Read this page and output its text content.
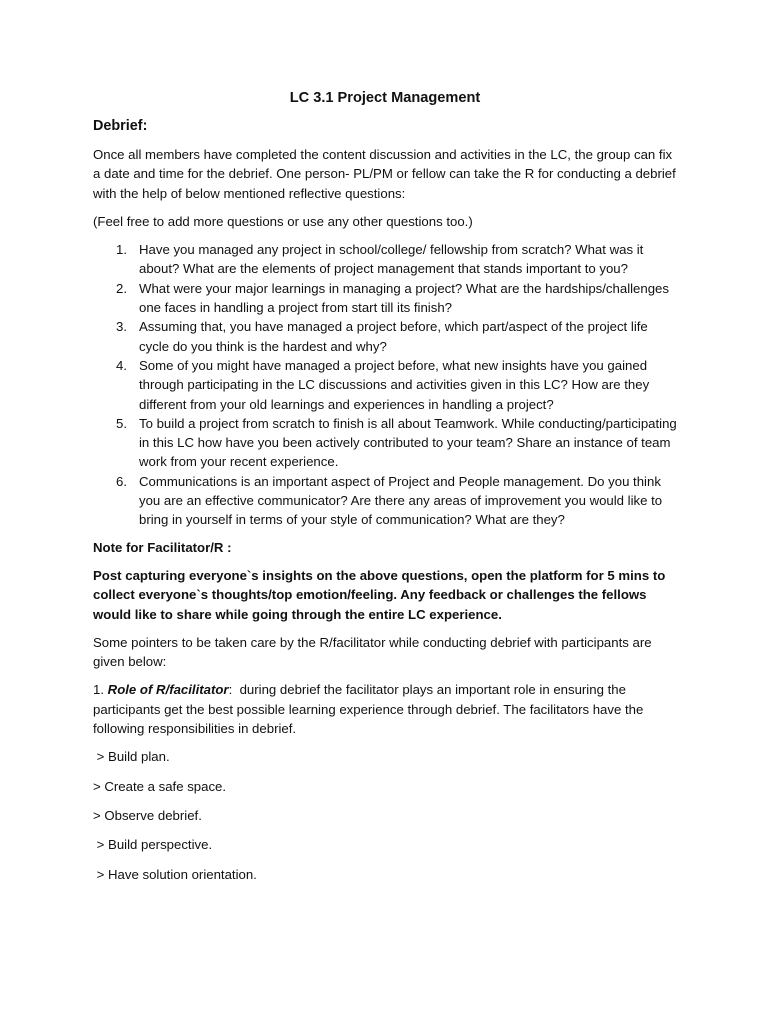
LC 3.1 Project Management
Debrief:

Once all members have completed the content discussion and activities in the LC, the group can fix a date and time for the debrief. One person- PL/PM or fellow can take the R for conducting a debrief with the help of below mentioned reflective questions:

(Feel free to add more questions or use any other questions too.)

1. Have you managed any project in school/college/ fellowship from scratch? What was it about? What are the elements of project management that stands important to you?
2. What were your major learnings in managing a project? What are the hardships/challenges one faces in handling a project from start till its finish?
3. Assuming that, you have managed a project before, which part/aspect of the project life cycle do you think is the hardest and why?
4. Some of you might have managed a project before, what new insights have you gained through participating in the LC discussions and activities given in this LC? How are they different from your old learnings and experiences in handling a project?
5. To build a project from scratch to finish is all about Teamwork. While conducting/participating in this LC how have you been actively contributed to your team? Share an instance of team work from your recent experience.
6. Communications is an important aspect of Project and People management. Do you think you are an effective communicator? Are there any areas of improvement you would like to bring in yourself in terms of your style of communication? What are they?

Note for Facilitator/R :

Post capturing everyone`s insights on the above questions, open the platform for 5 mins to collect everyone`s thoughts/top emotion/feeling. Any feedback or challenges the fellows would like to share while going through the entire LC experience.

Some pointers to be taken care by the R/facilitator while conducting debrief with participants are given below:

1. Role of R/facilitator: during debrief the facilitator plays an important role in ensuring the participants get the best possible learning experience through debrief. The facilitators have the following responsibilities in debrief.

> Build plan.
> Create a safe space.
> Observe debrief.
> Build perspective.
> Have solution orientation.
